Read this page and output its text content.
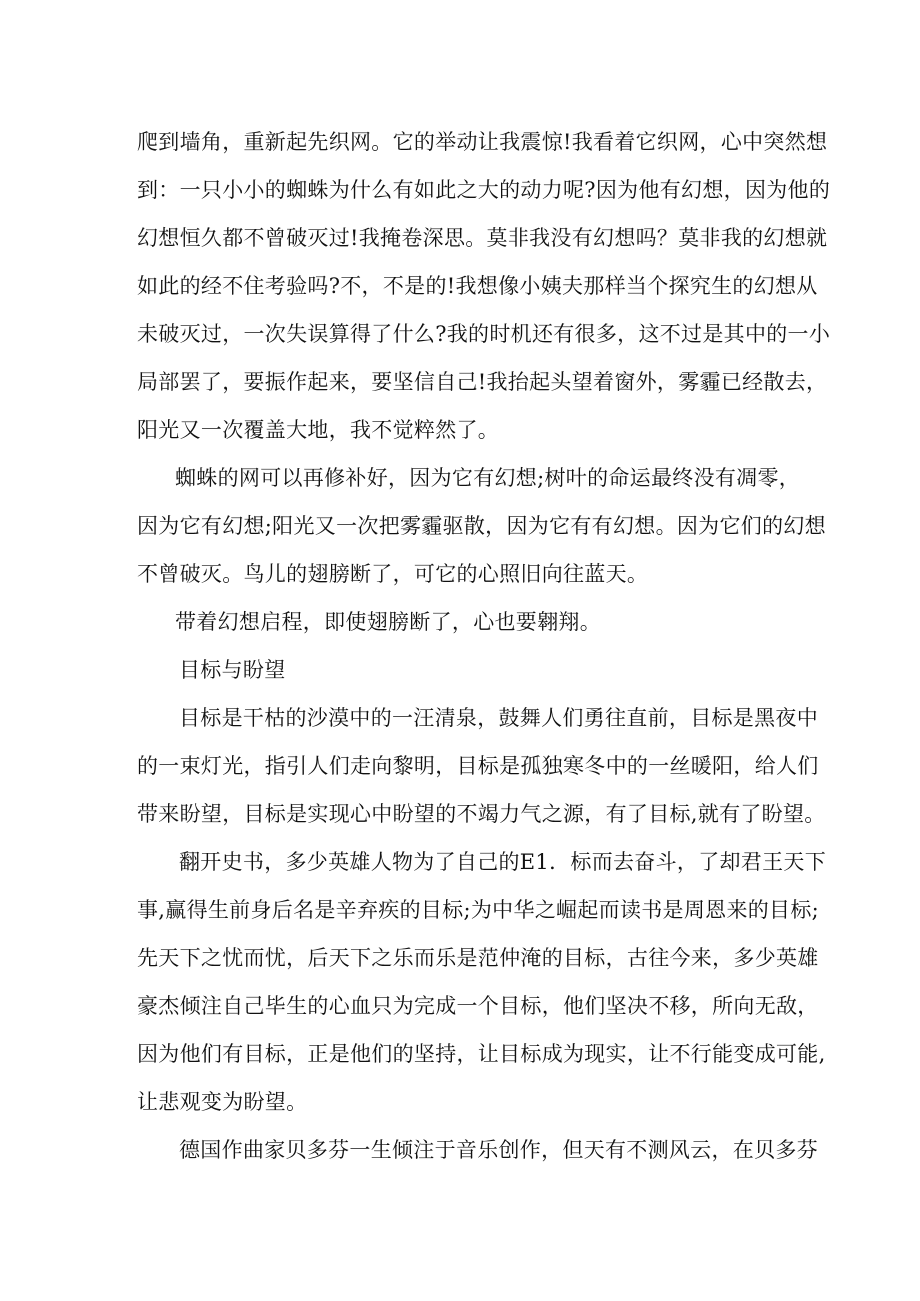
爬到墙角，重新起先织网。它的举动让我震惊!我看着它织网，心中突然想
到：一只小小的蜘蛛为什么有如此之大的动力呢?因为他有幻想，因为他的
幻想恒久都不曾破灭过!我掩卷深思。莫非我没有幻想吗？莫非我的幻想就
如此的经不住考验吗?不，不是的!我想像小姨夫那样当个探究生的幻想从
未破灭过，一次失误算得了什么?我的时机还有很多，这不过是其中的一小
局部罢了，要振作起来，要坚信自己!我抬起头望着窗外，雾霾已经散去，
阳光又一次覆盖大地，我不觉粹然了。
蜘蛛的网可以再修补好，因为它有幻想;树叶的命运最终没有凋零，
因为它有幻想;阳光又一次把雾霾驱散，因为它有有幻想。因为它们的幻想
不曾破灭。鸟儿的翅膀断了，可它的心照旧向往蓝天。
带着幻想启程，即使翅膀断了，心也要翱翔。
目标与盼望
目标是干枯的沙漠中的一汪清泉，鼓舞人们勇往直前，目标是黑夜中
的一束灯光，指引人们走向黎明，目标是孤独寒冬中的一丝暖阳，给人们
带来盼望，目标是实现心中盼望的不竭力气之源，有了目标,就有了盼望。
翻开史书，多少英雄人物为了自己的E1．标而去奋斗，了却君王天下
事,赢得生前身后名是辛弃疾的目标;为中华之崛起而读书是周恩来的目标;
先天下之忧而忧，后天下之乐而乐是范仲淹的目标，古往今来，多少英雄
豪杰倾注自己毕生的心血只为完成一个目标，他们坚决不移，所向无敌，
因为他们有目标，正是他们的坚持，让目标成为现实，让不行能变成可能,
让悲观变为盼望。
德国作曲家贝多芬一生倾注于音乐创作，但天有不测风云，在贝多芬
